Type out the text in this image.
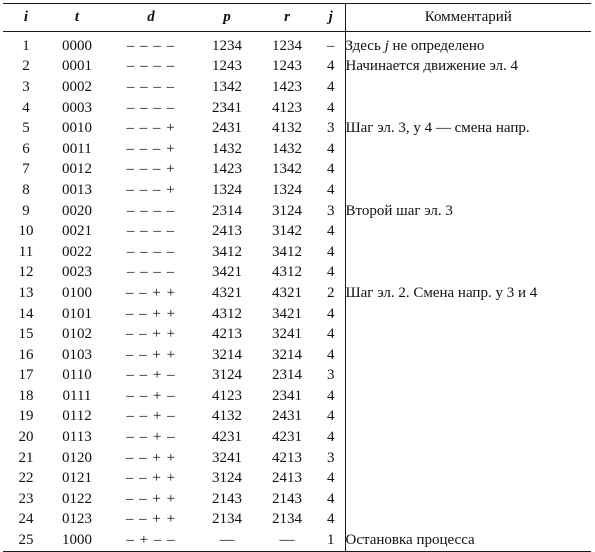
i	t	d	p	r	j	Комментарий
1	0000	– – – –	1234	1234	–	Здесь j не определено
2	0001	– – – –	1243	1243	4	Начинается движение эл. 4
3	0002	– – – –	1342	1423	4	
4	0003	– – – –	2341	4123	4	
5	0010	– – – +	2431	4132	3	Шаг эл. 3, у 4 — смена напр.
6	0011	– – – +	1432	1432	4	
7	0012	– – – +	1423	1342	4	
8	0013	– – – +	1324	1324	4	
9	0020	– – – –	2314	3124	3	Второй шаг эл. 3
10	0021	– – – –	2413	3142	4	
11	0022	– – – –	3412	3412	4	
12	0023	– – – –	3421	4312	4	
13	0100	– – + +	4321	4321	2	Шаг эл. 2. Смена напр. у 3 и 4
14	0101	– – + +	4312	3421	4	
15	0102	– – + +	4213	3241	4	
16	0103	– – + +	3214	3214	4	
17	0110	– – + –	3124	2314	3	
18	0111	– – + –	4123	2341	4	
19	0112	– – + –	4132	2431	4	
20	0113	– – + –	4231	4231	4	
21	0120	– – + +	3241	4213	3	
22	0121	– – + +	3124	2413	4	
23	0122	– – + +	2143	2143	4	
24	0123	– – + +	2134	2134	4	
25	1000	– + – –	—	—	1	Остановка процесса
